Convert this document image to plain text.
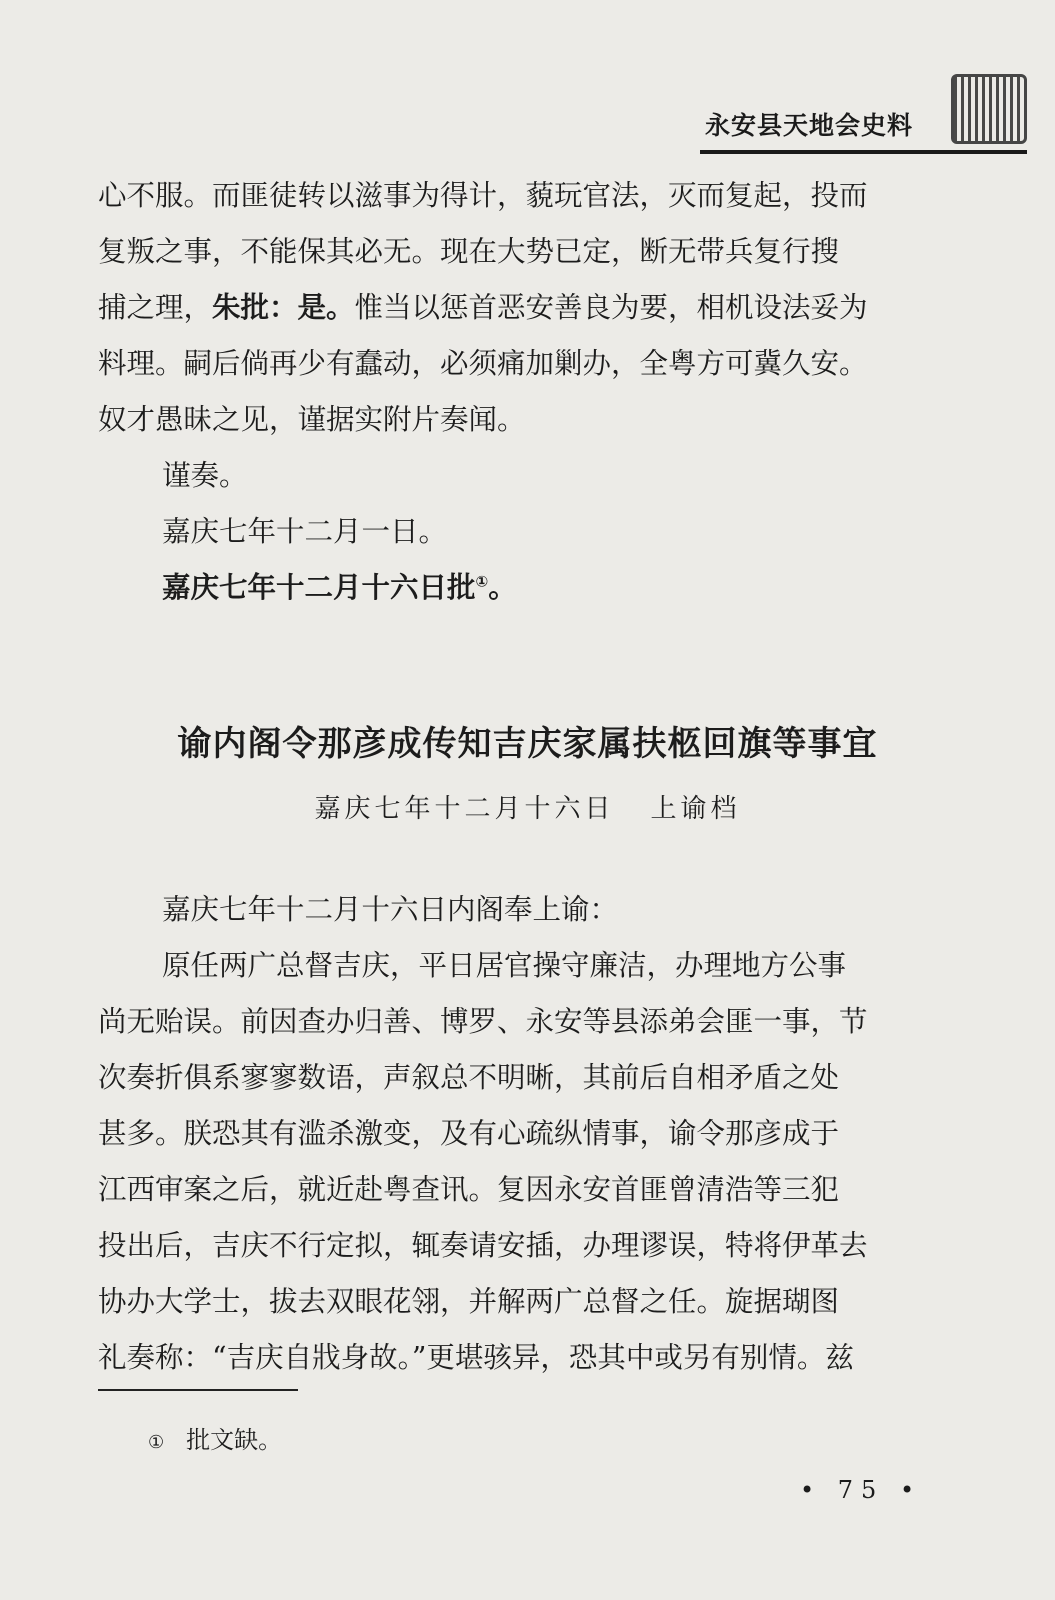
永安县天地会史料
心不服。而匪徒转以滋事为得计，藐玩官法，灭而复起，投而
复叛之事，不能保其必无。现在大势已定，断无带兵复行搜
捕之理，朱批：是。惟当以惩首恶安善良为要，相机设法妥为
料理。嗣后倘再少有蠢动，必须痛加剿办，全粤方可冀久安。
奴才愚昧之见，谨据实附片奏闻。
谨奏。
嘉庆七年十二月一日。
嘉庆七年十二月十六日批①。
谕内阁令那彦成传知吉庆家属扶柩回旗等事宜
嘉庆七年十二月十六日 上谕档
嘉庆七年十二月十六日内阁奉上谕：
原任两广总督吉庆，平日居官操守廉洁，办理地方公事
尚无贻误。前因查办归善、博罗、永安等县添弟会匪一事，节
次奏折俱系寥寥数语，声叙总不明晰，其前后自相矛盾之处
甚多。朕恐其有滥杀激变，及有心疏纵情事，谕令那彦成于
江西审案之后，就近赴粤查讯。复因永安首匪曾清浩等三犯
投出后，吉庆不行定拟，辄奏请安插，办理谬误，特将伊革去
协办大学士，拔去双眼花翎，并解两广总督之任。旋据瑚图
礼奏称：“吉庆自戕身故。”更堪骇异，恐其中或另有别情。兹
① 批文缺。
• 75 •
